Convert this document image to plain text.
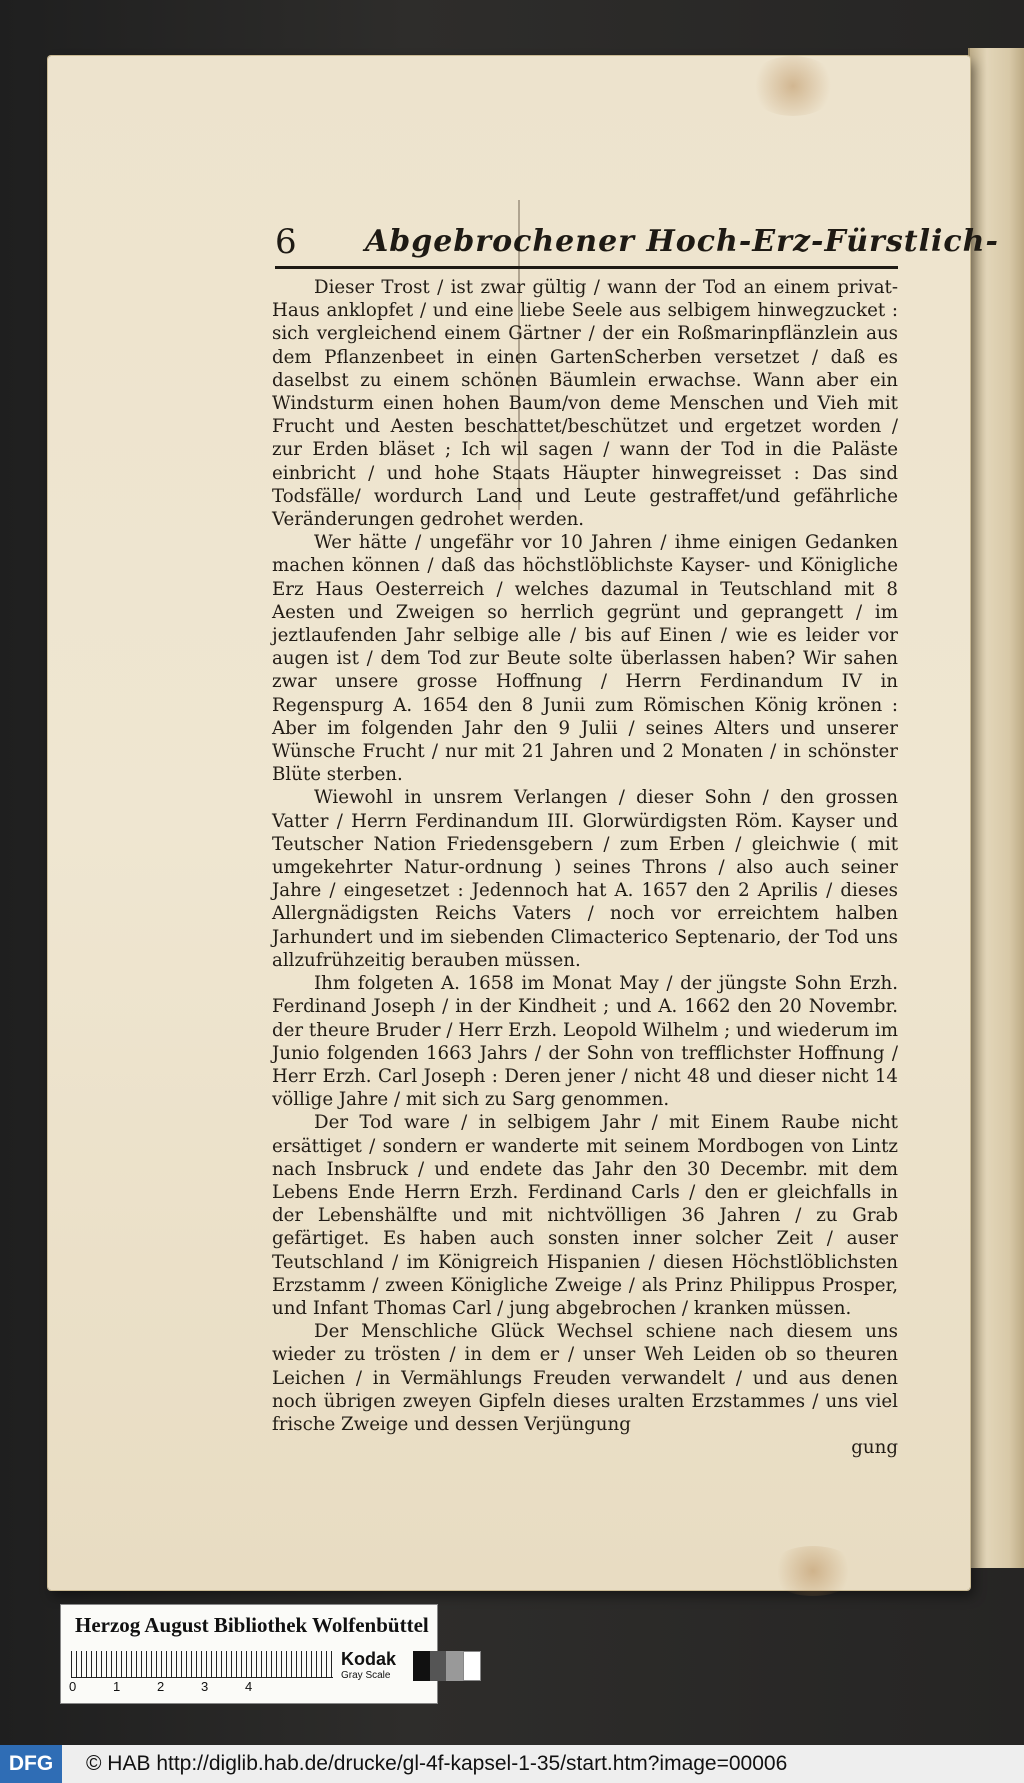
6 Abgebrochener Hoch-Erz-Fürstlich-

Dieser Trost / ist zwar gültig / wann der Tod an einem privat-Haus anklopfet / und eine liebe Seele aus selbigem hinwegzucket : sich vergleichend einem Gärtner / der ein Roßmarinpflänzlein aus dem Pflanzenbeet in einen GartenScherben versetzet / daß es daselbst zu einem schönen Bäumlein erwachse. Wann aber ein Windsturm einen hohen Baum/von deme Menschen und Vieh mit Frucht und Aesten beschattet/beschützet und ergetzet worden / zur Erden bläset ; Ich wil sagen / wann der Tod in die Paläste einbricht / und hohe Staats Häupter hinwegreisset : Das sind Todsfälle/ wordurch Land und Leute gestraffet/und gefährliche Veränderungen gedrohet werden.

Wer hätte / ungefähr vor 10 Jahren / ihme einigen Gedanken machen können / daß das höchstlöblichste Kayser- und Königliche Erz Haus Oesterreich / welches dazumal in Teutschland mit 8 Aesten und Zweigen so herrlich gegrünt und geprangett / im jeztlaufenden Jahr selbige alle / bis auf Einen / wie es leider vor augen ist / dem Tod zur Beute solte überlassen haben? Wir sahen zwar unsere grosse Hoffnung / Herrn Ferdinandum IV in Regenspurg A. 1654 den 8 Junii zum Römischen König krönen : Aber im folgenden Jahr den 9 Julii / seines Alters und unserer Wünsche Frucht / nur mit 21 Jahren und 2 Monaten / in schönster Blüte sterben.

Wiewohl in unsrem Verlangen / dieser Sohn / den grossen Vatter / Herrn Ferdinandum III. Glorwürdigsten Röm. Kayser und Teutscher Nation Friedensgebern / zum Erben / gleichwie ( mit umgekehrter Natur-ordnung ) seines Throns / also auch seiner Jahre / eingesetzet : Jedennoch hat A. 1657 den 2 Aprilis / dieses Allergnädigsten Reichs Vaters / noch vor erreichtem halben Jarhundert und im siebenden Climacterico Septenario, der Tod uns allzufrühzeitig berauben müssen.

Ihm folgeten A. 1658 im Monat May / der jüngste Sohn Erzh. Ferdinand Joseph / in der Kindheit ; und A. 1662 den 20 Novembr. der theure Bruder / Herr Erzh. Leopold Wilhelm ; und wiederum im Junio folgenden 1663 Jahrs / der Sohn von trefflichster Hoffnung / Herr Erzh. Carl Joseph : Deren jener / nicht 48 und dieser nicht 14 völlige Jahre / mit sich zu Sarg genommen.

Der Tod ware / in selbigem Jahr / mit Einem Raube nicht ersättiget / sondern er wanderte mit seinem Mordbogen von Lintz nach Insbruck / und endete das Jahr den 30 Decembr. mit dem Lebens Ende Herrn Erzh. Ferdinand Carls / den er gleichfalls in der Lebenshälfte und mit nichtvölligen 36 Jahren / zu Grab gefärtiget. Es haben auch sonsten inner solcher Zeit / auser Teutschland / im Königreich Hispanien / diesen Höchstlöblichsten Erzstamm / zween Königliche Zweige / als Prinz Philippus Prosper, und Infant Thomas Carl / jung abgebrochen / kranken müssen.

Der Menschliche Glück Wechsel schiene nach diesem uns wieder zu trösten / in dem er / unser Weh Leiden ob so theuren Leichen / in Vermählungs Freuden verwandelt / und aus denen noch übrigen zweyen Gipfeln dieses uralten Erzstammes / uns viel frische Zweige und dessen Verjüngung

gung
Herzog August Bibliothek Wolfenbüttel
0	1	2	3	4
Kodak
Gray Scale
DFG	© HAB http://diglib.hab.de/drucke/gl-4f-kapsel-1-35/start.htm?image=00006
